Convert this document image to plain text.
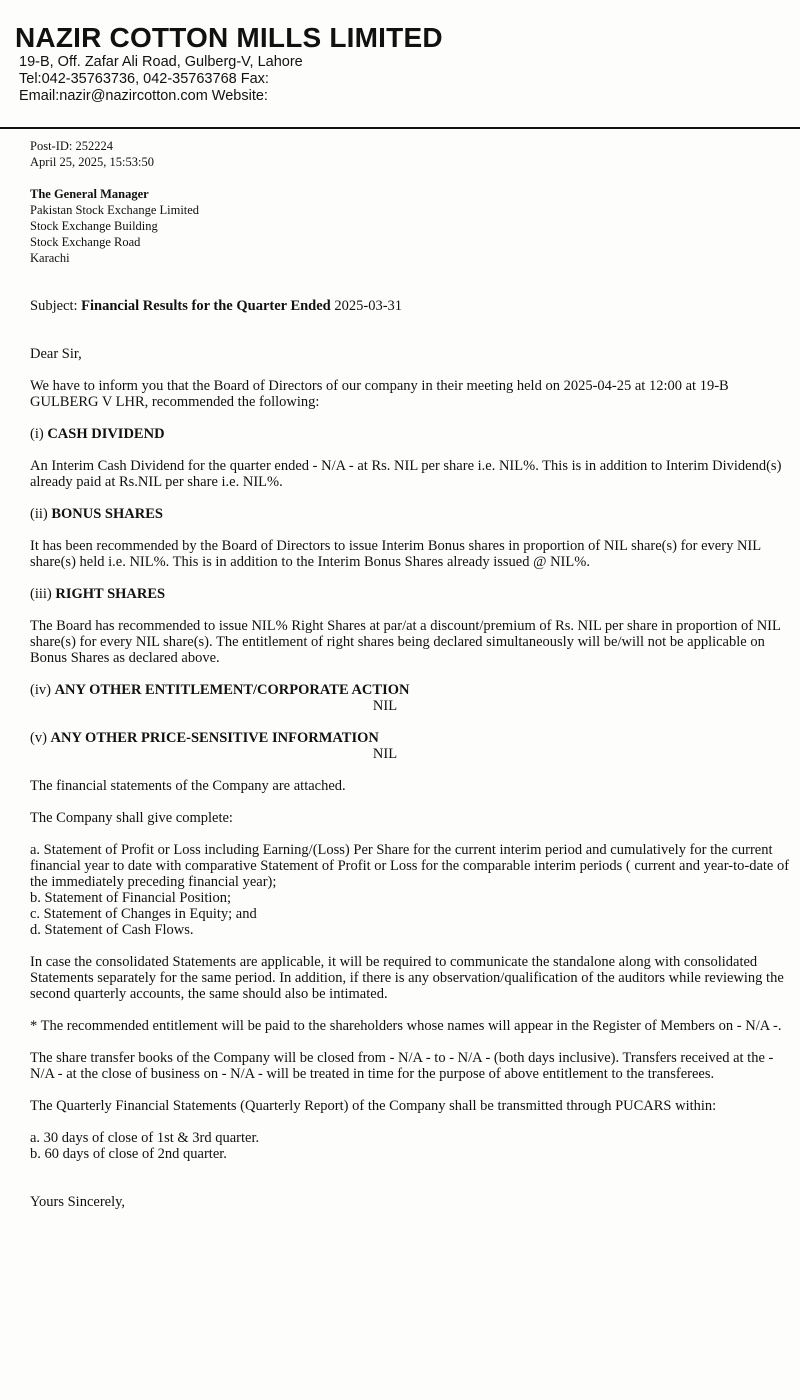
NAZIR COTTON MILLS LIMITED
19-B, Off. Zafar Ali Road, Gulberg-V, Lahore
Tel:042-35763736, 042-35763768 Fax:
Email:nazir@nazircotton.com Website:
Post-ID: 252224
April 25, 2025, 15:53:50
The General Manager
Pakistan Stock Exchange Limited
Stock Exchange Building
Stock Exchange Road
Karachi
Subject: Financial Results for the Quarter Ended 2025-03-31
Dear Sir,
We have to inform you that the Board of Directors of our company in their meeting held on 2025-04-25 at 12:00 at 19-B GULBERG V LHR, recommended the following:
(i) CASH DIVIDEND
An Interim Cash Dividend for the quarter ended - N/A - at Rs. NIL per share i.e. NIL%. This is in addition to Interim Dividend(s) already paid at Rs.NIL per share i.e. NIL%.
(ii) BONUS SHARES
It has been recommended by the Board of Directors to issue Interim Bonus shares in proportion of NIL share(s) for every NIL share(s) held i.e. NIL%. This is in addition to the Interim Bonus Shares already issued @ NIL%.
(iii) RIGHT SHARES
The Board has recommended to issue NIL% Right Shares at par/at a discount/premium of Rs. NIL per share in proportion of NIL share(s) for every NIL share(s). The entitlement of right shares being declared simultaneously will be/will not be applicable on Bonus Shares as declared above.
(iv) ANY OTHER ENTITLEMENT/CORPORATE ACTION
NIL
(v) ANY OTHER PRICE-SENSITIVE INFORMATION
NIL
The financial statements of the Company are attached.
The Company shall give complete:
a. Statement of Profit or Loss including Earning/(Loss) Per Share for the current interim period and cumulatively for the current financial year to date with comparative Statement of Profit or Loss for the comparable interim periods ( current and year-to-date of the immediately preceding financial year);
b. Statement of Financial Position;
c. Statement of Changes in Equity; and
d. Statement of Cash Flows.
In case the consolidated Statements are applicable, it will be required to communicate the standalone along with consolidated Statements separately for the same period. In addition, if there is any observation/qualification of the auditors while reviewing the second quarterly accounts, the same should also be intimated.
* The recommended entitlement will be paid to the shareholders whose names will appear in the Register of Members on - N/A -.
The share transfer books of the Company will be closed from - N/A - to - N/A - (both days inclusive). Transfers received at the - N/A - at the close of business on - N/A - will be treated in time for the purpose of above entitlement to the transferees.
The Quarterly Financial Statements (Quarterly Report) of the Company shall be transmitted through PUCARS within:
a. 30 days of close of 1st & 3rd quarter.
b. 60 days of close of 2nd quarter.
Yours Sincerely,
